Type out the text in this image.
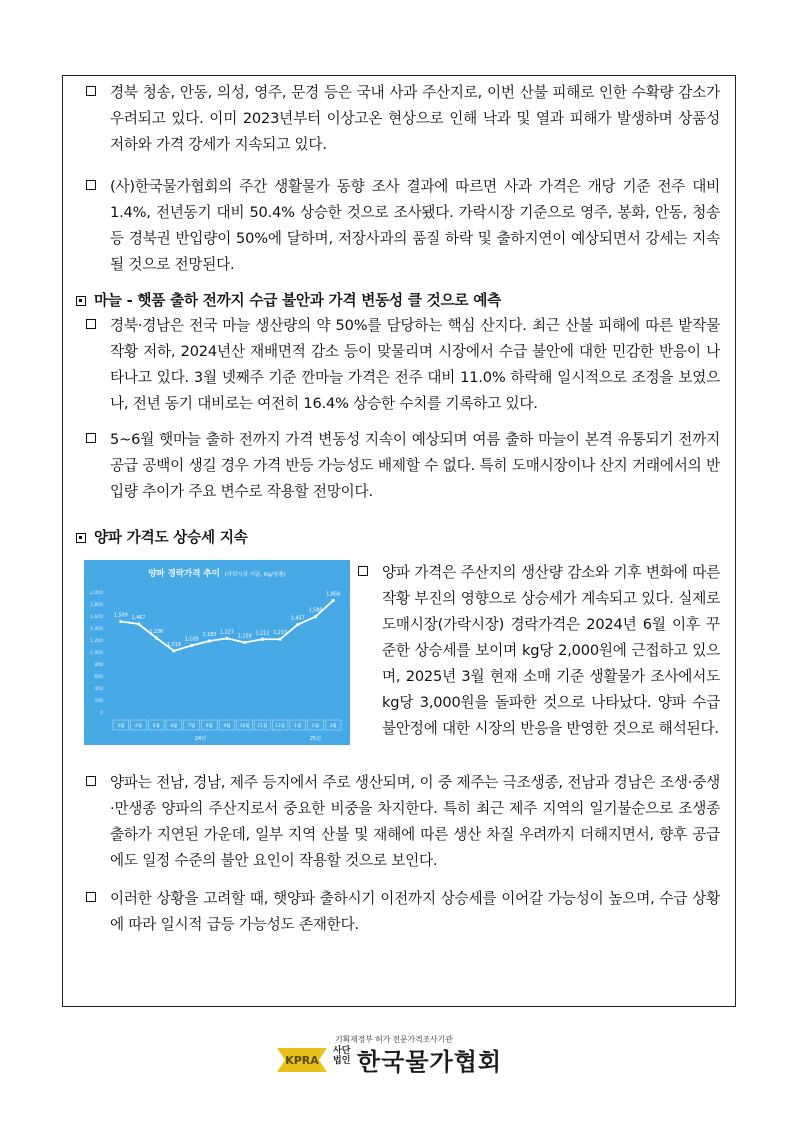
경북 청송, 안동, 의성, 영주, 문경 등은 국내 사과 주산지로, 이번 산불 피해로 인한 수확량 감소가 우려되고 있다. 이미 2023년부터 이상고온 현상으로 인해 낙과 및 열과 피해가 발생하며 상품성 저하와 가격 강세가 지속되고 있다.
(사)한국물가협회의 주간 생활물가 동향 조사 결과에 따르면 사과 가격은 개당 기준 전주 대비 1.4%, 전년동기 대비 50.4% 상승한 것으로 조사됐다. 가락시장 기준으로 영주, 봉화, 안동, 청송 등 경북권 반입량이 50%에 달하며, 저장사과의 품질 하락 및 출하지연이 예상되면서 강세는 지속될 것으로 전망된다.
마늘 - 햇품 출하 전까지 수급 불안과 가격 변동성 클 것으로 예측
경북·경남은 전국 마늘 생산량의 약 50%를 담당하는 핵심 산지다. 최근 산불 피해에 따른 밭작물 작황 저하, 2024년산 재배면적 감소 등이 맞물리며 시장에서 수급 불안에 대한 민감한 반응이 나타나고 있다. 3월 넷째주 기준 깐마늘 가격은 전주 대비 11.0% 하락해 일시적으로 조정을 보였으나, 전년 동기 대비로는 여전히 16.4% 상승한 수치를 기록하고 있다.
5~6월 햇마늘 출하 전까지 가격 변동성 지속이 예상되며 여름 출하 마늘이 본격 유통되기 전까지 공급 공백이 생길 경우 가격 반등 가능성도 배제할 수 없다. 특히 도매시장이나 산지 거래에서의 반입량 추이가 주요 변수로 작용할 전망이다.
양파 가격도 상승세 지속
양파 경락가격 추이 (가락시장 기준, Kg/상품)
2,000
1,800
1,600
1,400
1,200
1,000
800
600
400
200
0
3월 4월 5월 6월 7월 8월 9월 10월 11월 12월 1월 2월 3월
24년	25년
1,509
1,467
1,236
1,019
1,109
1,183
1,227
1,159
1,212 1,213
1,457
1,588
1,858
양파 가격은 주산지의 생산량 감소와 기후 변화에 따른 작황 부진의 영향으로 상승세가 계속되고 있다. 실제로 도매시장(가락시장) 경락가격은 2024년 6월 이후 꾸준한 상승세를 보이며 kg당 2,000원에 근접하고 있으며, 2025년 3월 현재 소매 기준 생활물가 조사에서도 kg당 3,000원을 돌파한 것으로 나타났다. 양파 수급 불안정에 대한 시장의 반응을 반영한 것으로 해석된다.
양파는 전남, 경남, 제주 등지에서 주로 생산되며, 이 중 제주는 극조생종, 전남과 경남은 조생·중생·만생종 양파의 주산지로서 중요한 비중을 차지한다. 특히 최근 제주 지역의 일기불순으로 조생종 출하가 지연된 가운데, 일부 지역 산불 및 재해에 따른 생산 차질 우려까지 더해지면서, 향후 공급에도 일정 수준의 불안 요인이 작용할 것으로 보인다.
이러한 상황을 고려할 때, 햇양파 출하시기 이전까지 상승세를 이어갈 가능성이 높으며, 수급 상황에 따라 일시적 급등 가능성도 존재한다.
기획재정부 허가 전문가격조사기관
KPRA
사단
법인 한국물가협회
